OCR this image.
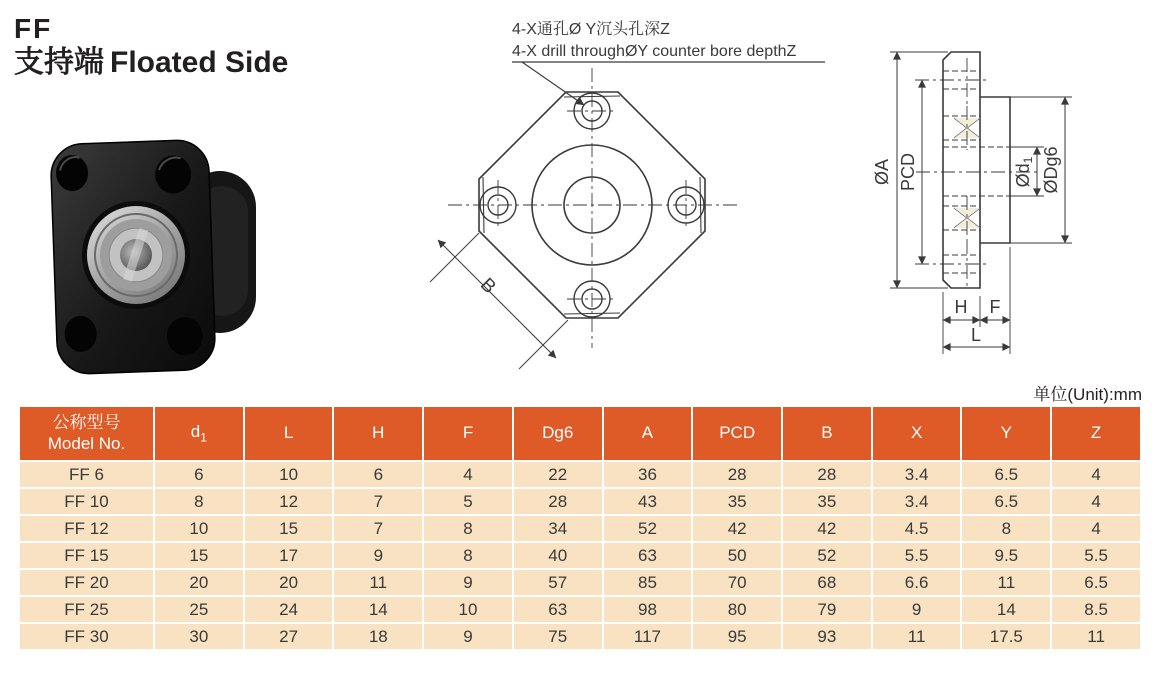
FF
支持端 Floated Side
4-X通孔Ø Y沉头孔深Z
4-X drill throughØY counter bore depthZ
B
ØA PCD	Ød1 ØDg6
H F
L
单位(Unit):mm
公称型号
Model No.	$d_1$	L	H	F	Dg6	A	PCD	B	X	Y	Z
FF 6	6	10	6	4	22	36	28	28	3.4	6.5	4
FF 10	8	12	7	5	28	43	35	35	3.4	6.5	4
FF 12	10	15	7	8	34	52	42	42	4.5	8	4
FF 15	15	17	9	8	40	63	50	52	5.5	9.5	5.5
FF 20	20	20	11	9	57	85	70	68	6.6	11	6.5
FF 25	25	24	14	10	63	98	80	79	9	14	8.5
FF 30	30	27	18	9	75	117	95	93	11	17.5	11
